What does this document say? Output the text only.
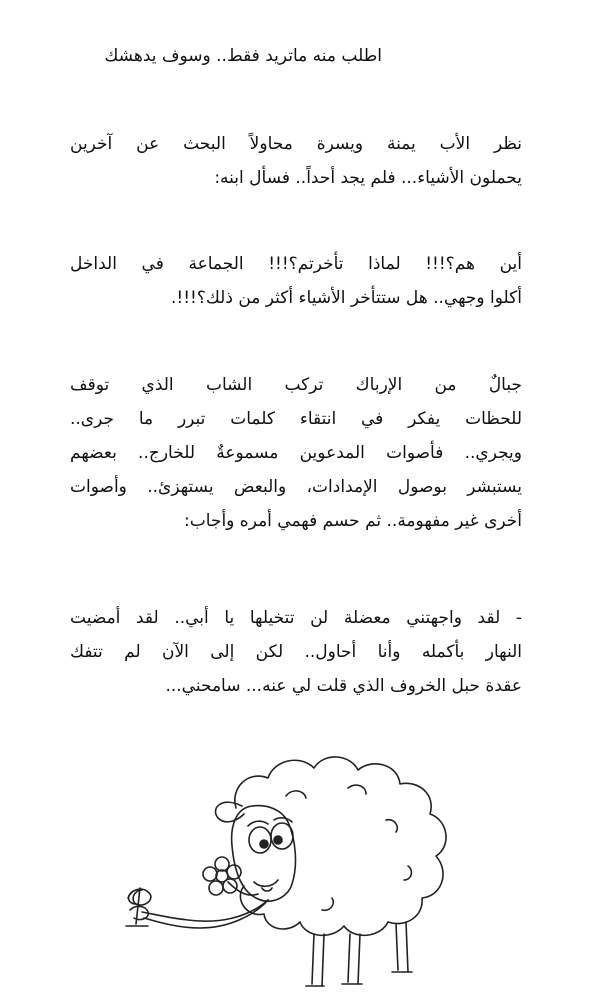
اطلب منه ماتريد فقط.. وسوف يدهشك
نظر الأب يمنة ويسرة محاولاً البحث عن آخرين
يحملون الأشياء... فلم يجد أحداً.. فسأل ابنه:
أين هم؟!!! لماذا تأخرتم؟!!! الجماعة في الداخل
أكلوا وجهي.. هل ستتأخر الأشياء أكثر من ذلك؟!!!.
جبالٌ من الإرباك تركب الشاب الذي توقف
للحظات يفكر في انتقاء كلمات تبرر ما جرى..
ويجري.. فأصوات المدعوين مسموعةٌ للخارج.. بعضهم
يستبشر بوصول الإمدادات، والبعض يستهزئ.. وأصوات
أخرى غير مفهومة.. ثم حسم فهمي أمره وأجاب:
- لقد واجهتني معضلة لن تتخيلها يا أبي.. لقد أمضيت
النهار بأكمله وأنا أحاول.. لكن إلى الآن لم تتفك
عقدة حبل الخروف الذي قلت لي عنه... سامحني...
